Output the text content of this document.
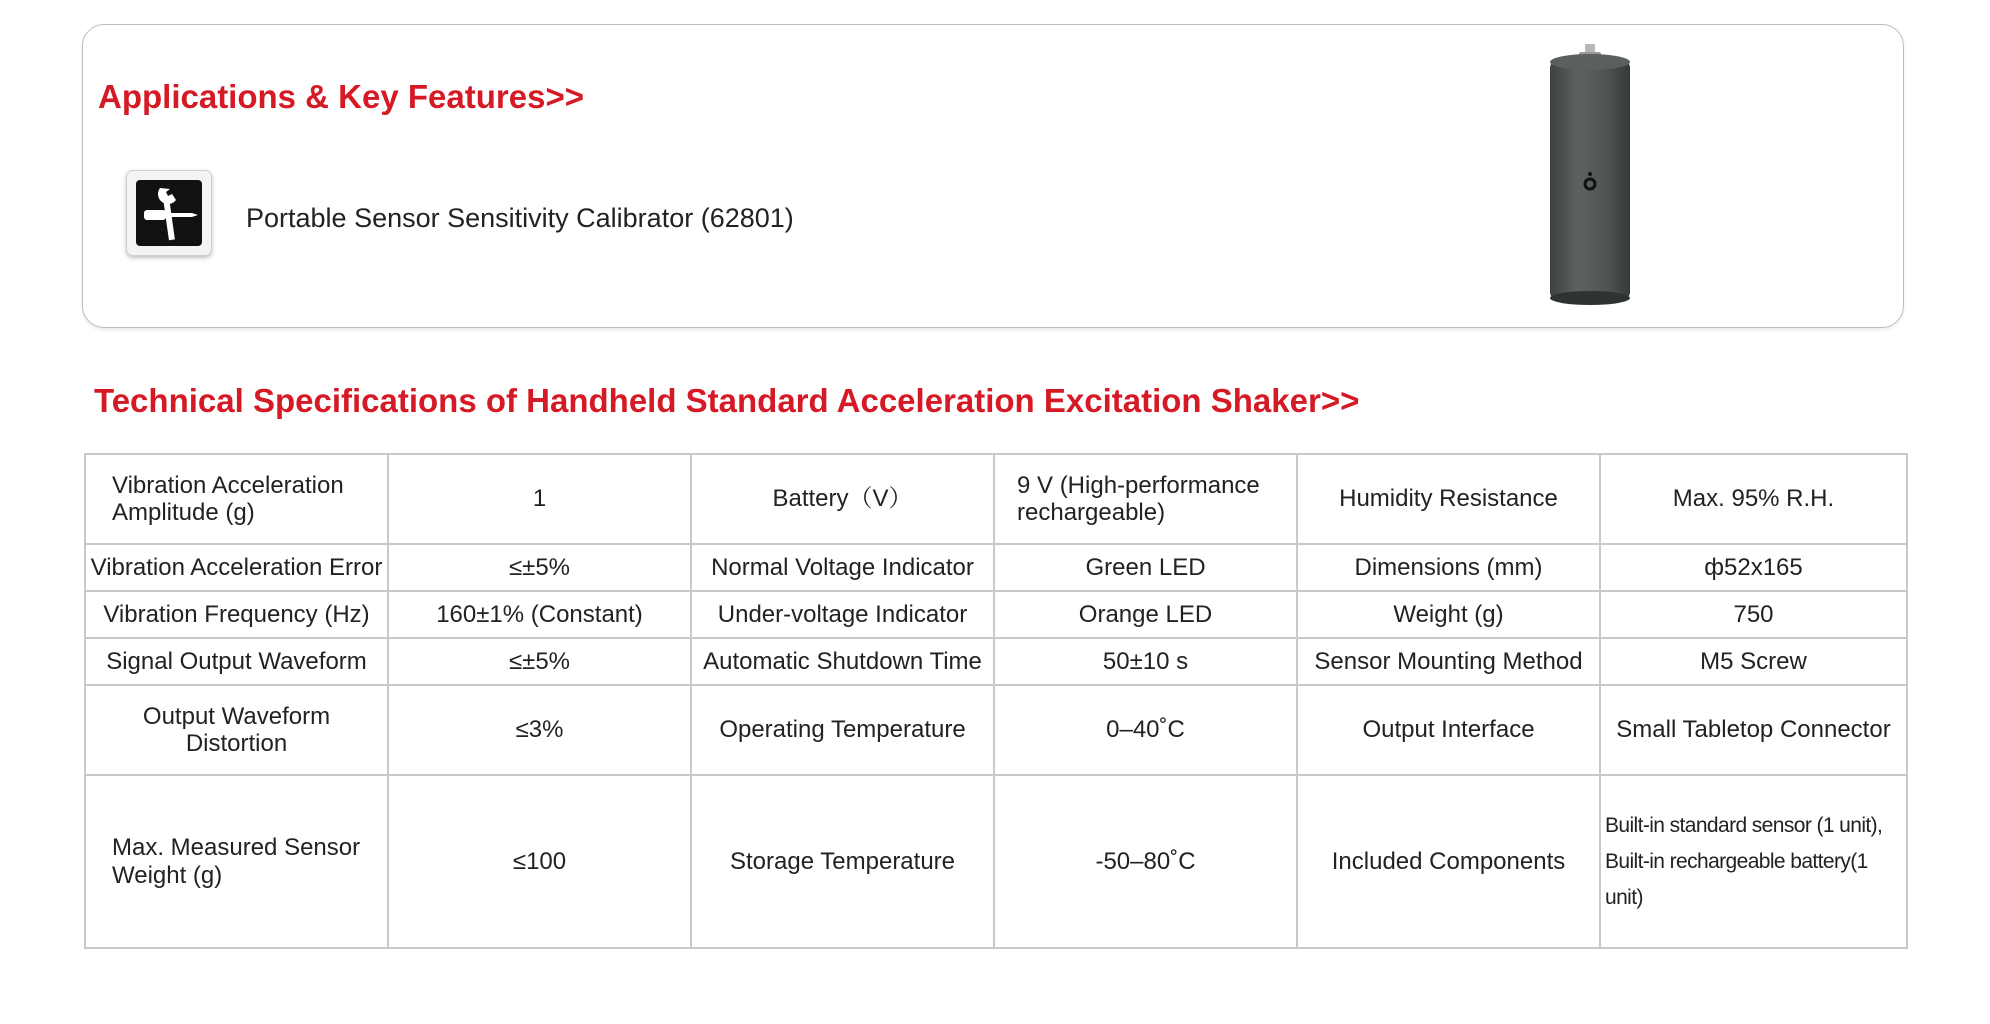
Applications & Key Features>>
Portable Sensor Sensitivity Calibrator (62801)
Technical Specifications of Handheld Standard Acceleration Excitation Shaker>>
Vibration Acceleration Amplitude (g)	1	Battery（V）	9 V (High-performance rechargeable)	Humidity Resistance	Max. 95% R.H.
Vibration Acceleration Error	≤±5%	Normal Voltage Indicator	Green LED	Dimensions (mm)	ф52x165
Vibration Frequency (Hz)	160±1% (Constant)	Under-voltage Indicator	Orange LED	Weight (g)	750
Signal Output Waveform	≤±5%	Automatic Shutdown Time	50±10 s	Sensor Mounting Method	M5 Screw
Output Waveform Distortion	≤3%	Operating Temperature	0–40˚C	Output Interface	Small Tabletop Connector
Max. Measured Sensor Weight (g)	≤100	Storage Temperature	-50–80˚C	Included Components	Built-in standard sensor (1 unit),
Built-in rechargeable battery(1 unit)
